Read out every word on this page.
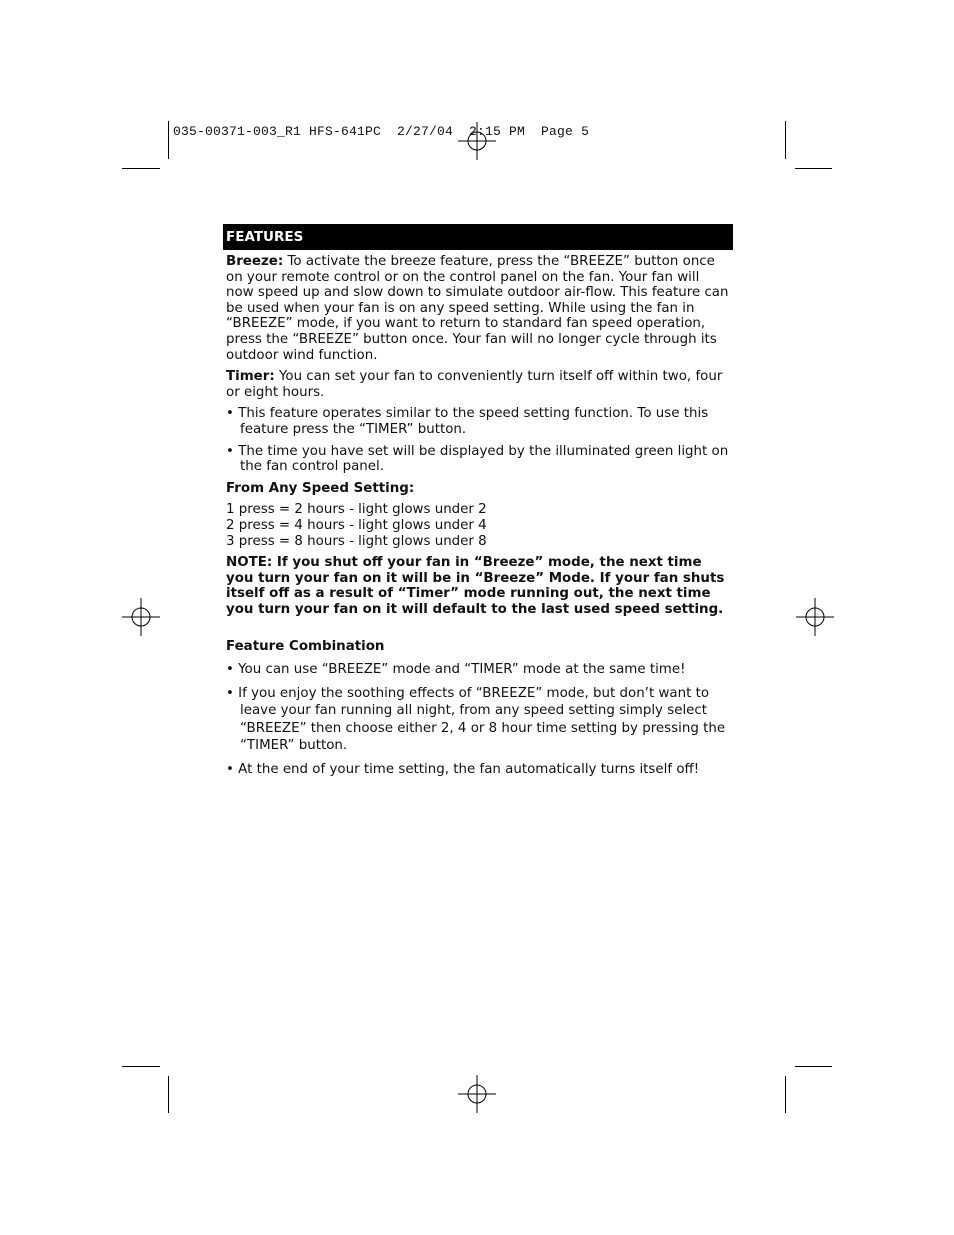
035-00371-003_R1 HFS-641PC  2/27/04  2:15 PM  Page 5
FEATURES

Breeze: To activate the breeze feature, press the “BREEZE” button once on your remote control or on the control panel on the fan. Your fan will now speed up and slow down to simulate outdoor air-flow. This feature can be used when your fan is on any speed setting. While using the fan in “BREEZE” mode, if you want to return to standard fan speed operation, press the “BREEZE” button once. Your fan will no longer cycle through its outdoor wind function.

Timer: You can set your fan to conveniently turn itself off within two, four or eight hours.

• This feature operates similar to the speed setting function. To use this feature press the “TIMER” button.
• The time you have set will be displayed by the illuminated green light on the fan control panel.
From Any Speed Setting:
1 press = 2 hours - light glows under 2
2 press = 4 hours - light glows under 4
3 press = 8 hours - light glows under 8
NOTE: If you shut off your fan in “Breeze” mode, the next time you turn your fan on it will be in “Breeze” Mode. If your fan shuts itself off as a result of “Timer” mode running out, the next time you turn your fan on it will default to the last used speed setting.
Feature Combination
• You can use “BREEZE” mode and “TIMER” mode at the same time!
• If you enjoy the soothing effects of “BREEZE” mode, but don’t want to leave your fan running all night, from any speed setting simply select “BREEZE” then choose either 2, 4 or 8 hour time setting by pressing the “TIMER” button.
• At the end of your time setting, the fan automatically turns itself off!
